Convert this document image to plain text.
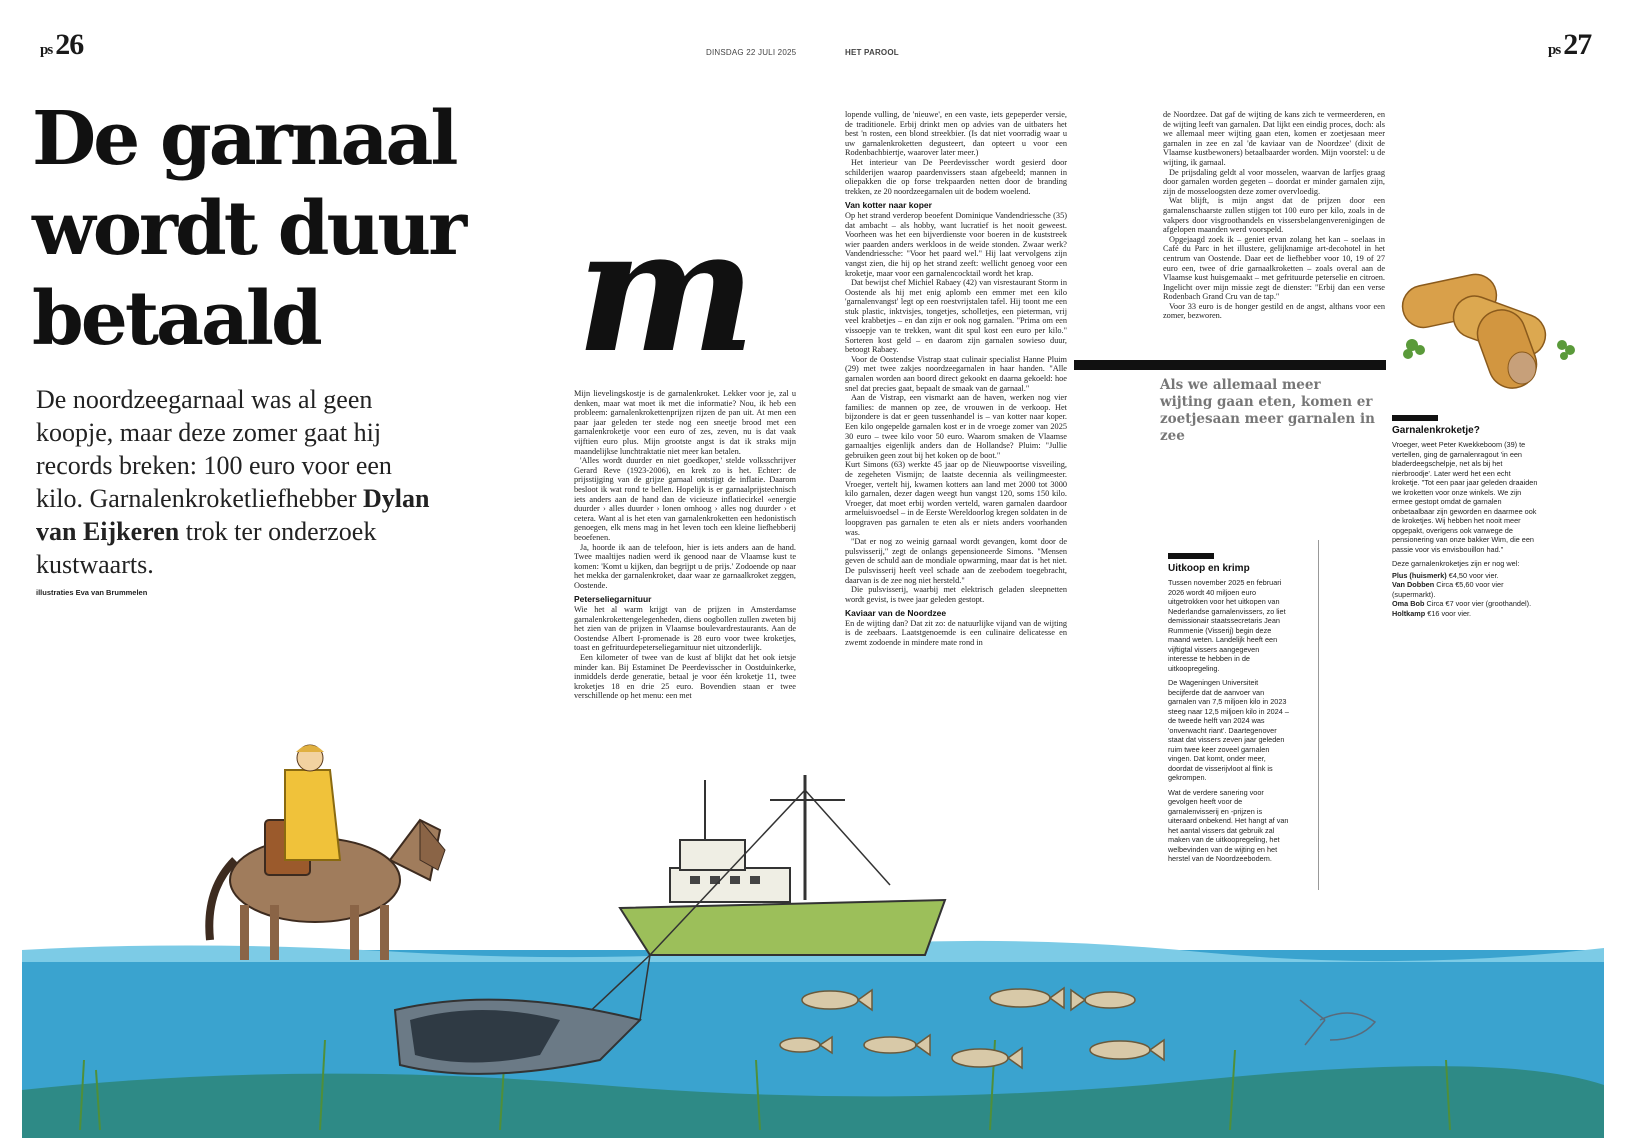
ps 26	ps 27
DINSDAG 22 JULI 2025	HET PAROOL
De garnaal
wordt duur
betaald
De noordzeegarnaal was al geen koopje, maar deze zomer gaat hij records breken: 100 euro voor een kilo. Garnalenkroketliefhebber Dylan van Eijkeren trok ter onderzoek kustwaarts.
illustraties Eva van Brummelen
m

Mijn lievelingskostje is de garnalenkroket. Lekker voor je, zal u denken, maar wat moet ik met die informatie? Nou, ik heb een probleem: garnalenkrokettenprijzen rijzen de pan uit. At men een paar jaar geleden ter stede nog een sneetje brood met een garnalenkroketje voor een euro of zes, zeven, nu is dat vaak vijftien euro plus. Mijn grootste angst is dat ik straks mijn maandelijkse lunchtraktatie niet meer kan betalen.

'Alles wordt duurder en niet goedkoper,' stelde volksschrijver Gerard Reve (1923-2006), en krek zo is het. Echter: de prijsstijging van de grijze garnaal ontstijgt de inflatie. Daarom besloot ik wat rond te bellen. Hopelijk is er garnaalprijstechnisch iets anders aan de hand dan de vicieuze inflatiecirkel «energie duurder › alles duurder › lonen omhoog › alles nog duurder › et cetera. Want al is het eten van garnalenkroketten een hedonistisch genoegen, elk mens mag in het leven toch een kleine liefhebberij beoefenen.

Ja, hoorde ik aan de telefoon, hier is iets anders aan de hand. Twee maaltijes nadien werd ik genood naar de Vlaamse kust te komen: 'Komt u kijken, dan begrijpt u de prijs.' Zodoende op naar het mekka der garnalenkroket, daar waar ze garnaalkroket zeggen, Oostende.

Peterseliegarnituur

Wie het al warm krijgt van de prijzen in Amsterdamse garnalenkrokettengelegenheden, diens oogbollen zullen zweten bij het zien van de prijzen in Vlaamse boulevardrestaurants. Aan de Oostendse Albert I-promenade is 28 euro voor twee kroketjes, toast en gefrituurdepeterseliegarnituur niet uitzonderlijk.

Een kilometer of twee van de kust af blijkt dat het ook ietsje minder kan. Bij Estaminet De Peerdevisscher in Oostduinkerke, inmiddels derde generatie, betaal je voor één kroketje 11, twee kroketjes 18 en drie 25 euro. Bovendien staan er twee verschillende op het menu: een met

lopende vulling, de 'nieuwe', en een vaste, iets gepeperder versie, de traditionele. Erbij drinkt men op advies van de uitbaters het best 'n rosten, een blond streekbier. (Is dat niet voorradig waar u uw garnalenkroketten degusteert, dan opteert u voor een Rodenbachbiertje, waarover later meer.)

Het interieur van De Peerdevisscher wordt gesierd door schilderijen waarop paardenvissers staan afgebeeld; mannen in oliepakken die op forse trekpaarden netten door de branding trekken, ze 20 noordzeegarnalen uit de bodem woelend.

Van kotter naar koper

Op het strand verderop beoefent Dominique Vandendriessche (35) dat ambacht – als hobby, want lucratief is het nooit geweest. Voorheen was het een bijverdienste voor boeren in de kuststreek wier paarden anders werkloos in de weide stonden. Zwaar werk? Vandendriessche: "Voor het paard wel." Hij laat vervolgens zijn vangst zien, die hij op het strand zeeft: wellicht genoeg voor een kroketje, maar voor een garnalencocktail wordt het krap.

Dat bewijst chef Michiel Rabaey (42) van visrestaurant Storm in Oostende als hij met enig aplomb een emmer met een kilo 'garnalenvangst' legt op een roestvrijstalen tafel. Hij toont me een stuk plastic, inktvisjes, tongetjes, scholletjes, een pieterman, vrij veel krabbetjes – en dan zijn er ook nog garnalen. "Prima om een vissoepje van te trekken, want dit spul kost een euro per kilo." Sorteren kost geld – en daarom zijn garnalen sowieso duur, betoogt Rabaey.

Voor de Oostendse Vistrap staat culinair specialist Hanne Pluim (29) met twee zakjes noordzeegarnalen in haar handen. "Alle garnalen worden aan boord direct gekookt en daarna gekoeld: hoe snel dat precies gaat, bepaalt de smaak van de garnaal."

Aan de Vistrap, een vismarkt aan de haven, werken nog vier families: de mannen op zee, de vrouwen in de verkoop. Het bijzondere is dat er geen tussenhandel is – van kotter naar koper. Een kilo ongepelde garnalen kost er in de vroege zomer van 2025 30 euro – twee kilo voor 50 euro. Waarom smaken de Vlaamse garnaaltjes eigenlijk anders dan de Hollandse? Pluim: "Jullie gebruiken geen zout bij het koken op de boot."

Kurt Simons (63) werkte 45 jaar op de Nieuwpoortse visveiling, de zegeheten Vismijn; de laatste decennia als veilingmeester. Vroeger, vertelt hij, kwamen kotters aan land met 2000 tot 3000 kilo garnalen, dezer dagen weegt hun vangst 120, soms 150 kilo. Vroeger, dat moet erbij worden verteld, waren garnalen daardoor armeluisvoedsel – in de Eerste Wereldoorlog kregen soldaten in de loopgraven pas garnalen te eten als er niets anders voorhanden was.

"Dat er nog zo weinig garnaal wordt gevangen, komt door de pulsvisserij," zegt de onlangs gepensioneerde Simons. "Mensen geven de schuld aan de mondiale opwarming, maar dat is het niet. De pulsvisserij heeft veel schade aan de zeebodem toegebracht, daarvan is de zee nog niet hersteld."

Die pulsvisserij, waarbij met elektrisch geladen sleepnetten wordt gevist, is twee jaar geleden gestopt.

Kaviaar van de Noordzee

En de wijting dan? Dat zit zo: de natuurlijke vijand van de wijting is de zeebaars. Laatstgenoemde is een culinaire delicatesse en zwemt zodoende in mindere mate rond in

de Noordzee. Dat gaf de wijting de kans zich te vermeerderen, en de wijting leeft van garnalen. Dat lijkt een eindig proces, doch: als we allemaal meer wijting gaan eten, komen er zoetjesaan meer garnalen in zee en zal 'de kaviaar van de Noordzee' (dixit de Vlaamse kustbewoners) betaalbaarder worden. Mijn voorstel: u de wijting, ik garnaal.

De prijsdaling geldt al voor mosselen, waarvan de larfjes graag door garnalen worden gegeten – doordat er minder garnalen zijn, zijn de mosseloogsten deze zomer overvloedig.

Wat blijft, is mijn angst dat de prijzen door een garnalenschaarste zullen stijgen tot 100 euro per kilo, zoals in de vakpers door visgroothandels en vissersbelangenverenigingen de afgelopen maanden werd voorspeld.

Opgejaagd zoek ik – geniet ervan zolang het kan – soelaas in Café du Parc in het illustere, gelijknamige art-decohotel in het centrum van Oostende. Daar eet de liefhebber voor 10, 19 of 27 euro een, twee of drie garnaalkroketten – zoals overal aan de Vlaamse kust huisgemaakt – met gefrituurde peterselie en citroen. Ingelicht over mijn missie zegt de dienster: "Erbij dan een verse Rodenbach Grand Cru van de tap."

Voor 33 euro is de honger gestild en de angst, althans voor een zomer, bezworen.

Als we allemaal meer wijting gaan eten, komen er zoetjesaan meer garnalen in zee
Uitkoop en krimp

Tussen november 2025 en februari 2026 wordt 40 miljoen euro uitgetrokken voor het uitkopen van Nederlandse garnalenvissers, zo liet demissionair staatssecretaris Jean Rummenie (Visserij) begin deze maand weten. Landelijk heeft een vijftigtal vissers aangegeven interesse te hebben in de uitkoopregeling.

De Wageningen Universiteit becijferde dat de aanvoer van garnalen van 7,5 miljoen kilo in 2023 steeg naar 12,5 miljoen kilo in 2024 – de tweede helft van 2024 was 'onverwacht riant'. Daartegenover staat dat vissers zeven jaar geleden ruim twee keer zoveel garnalen vingen. Dat komt, onder meer, doordat de visserijvloot al flink is gekrompen.

Wat de verdere sanering voor gevolgen heeft voor de garnalenvisserij en -prijzen is uiteraard onbekend. Het hangt af van het aantal vissers dat gebruik zal maken van de uitkoopregeling, het welbevinden van de wijting en het herstel van de Noordzeebodem.

Garnalenkroketje?

Vroeger, weet Peter Kwekkeboom (39) te vertellen, ging de garnalenragout 'in een bladerdeegschelpje, net als bij het nierbroodje'. Later werd het een echt kroketje. "Tot een paar jaar geleden draaiden we kroketten voor onze winkels. We zijn ermee gestopt omdat de garnalen onbetaalbaar zijn geworden en daarmee ook de kroketjes. Wij hebben het nooit meer opgepakt, overigens ook vanwege de pensionering van onze bakker Wim, die een passie voor vis envisbouillon had."

Deze garnalenkroketjes zijn er nog wel:

Plus (huismerk) €4,50 voor vier.
Van Dobben Circa €5,60 voor vier (supermarkt).
Oma Bob Circa €7 voor vier (groothandel).
Holtkamp €16 voor vier.
